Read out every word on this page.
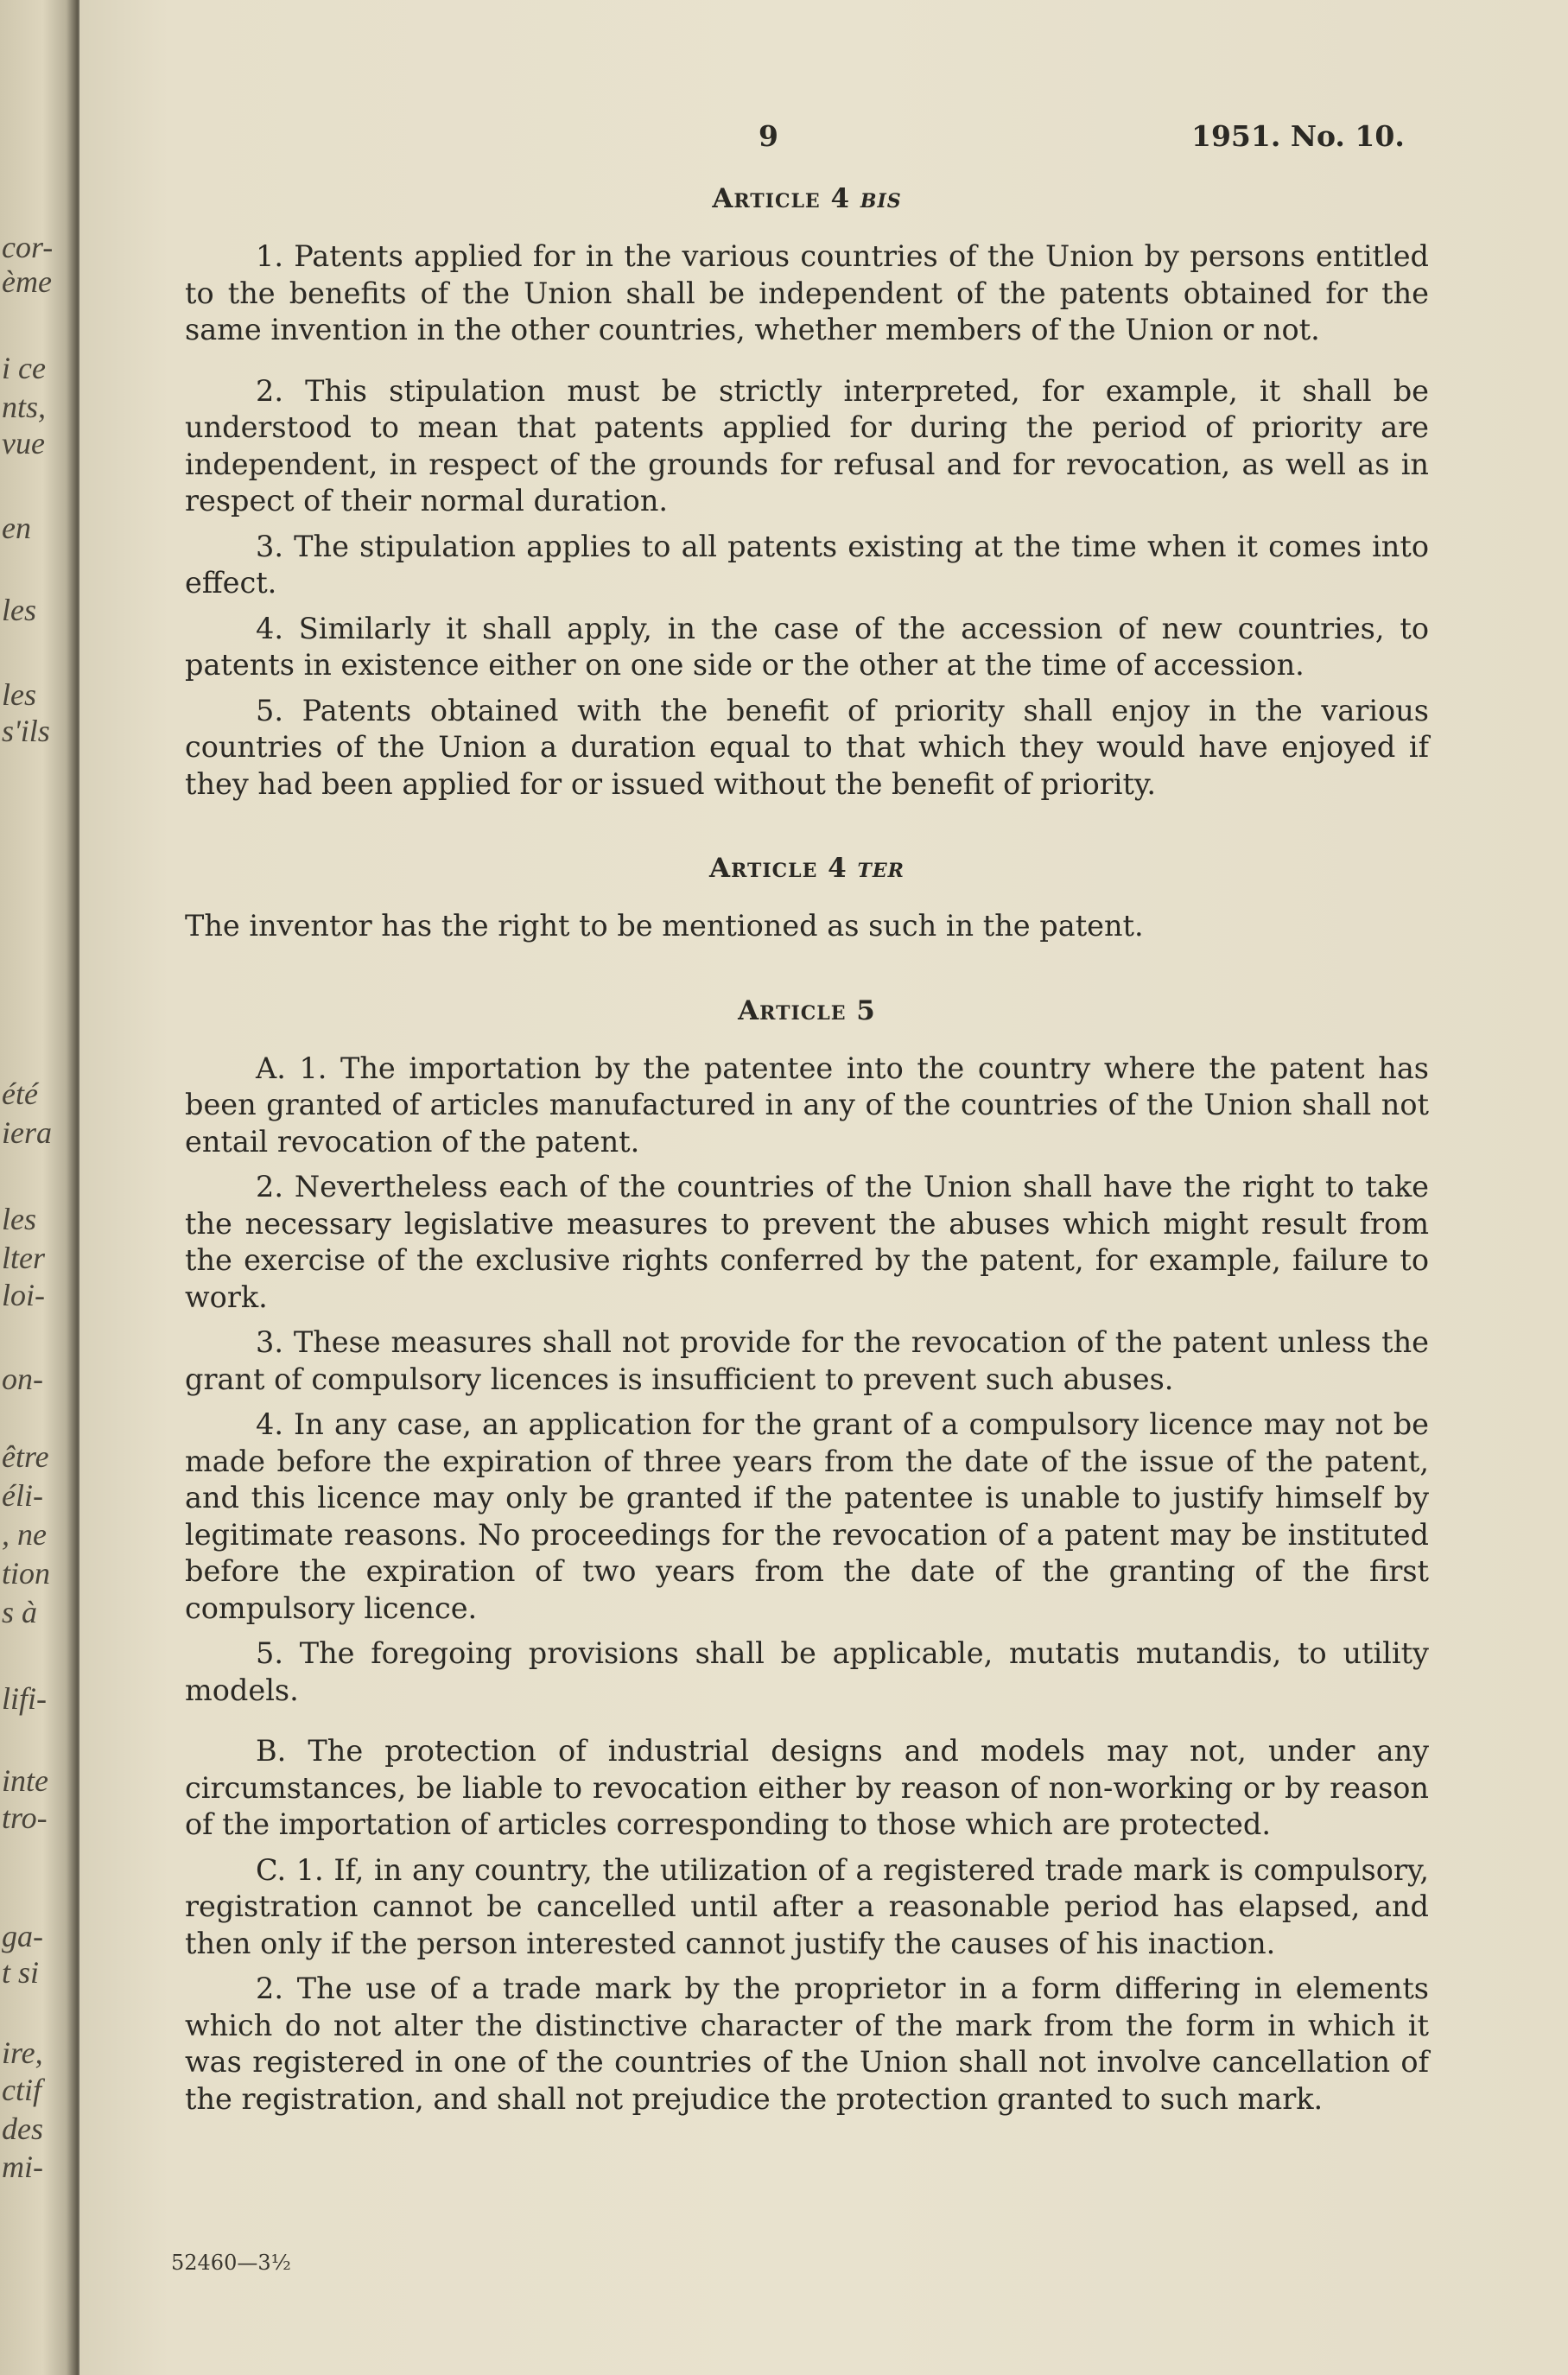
cor-
ème
i ce
nts,
vue
en
les
les
s'ils
été
iera
les
lter
loi-
on-
être
éli-
, ne
tion
s à
lifi-
inte
tro-
ga-
t si
ire,
ctif
des
mi-
9	1951. No. 10.
Article 4 bis

1. Patents applied for in the various countries of the Union by persons entitled to the benefits of the Union shall be independent of the patents obtained for the same invention in the other countries, whether members of the Union or not.

2. This stipulation must be strictly interpreted, for example, it shall be understood to mean that patents applied for during the period of priority are independent, in respect of the grounds for refusal and for revocation, as well as in respect of their normal duration.

3. The stipulation applies to all patents existing at the time when it comes into effect.

4. Similarly it shall apply, in the case of the accession of new countries, to patents in existence either on one side or the other at the time of accession.

5. Patents obtained with the benefit of priority shall enjoy in the various countries of the Union a duration equal to that which they would have enjoyed if they had been applied for or issued without the benefit of priority.

Article 4 ter

The inventor has the right to be mentioned as such in the patent.

Article 5

A. 1. The importation by the patentee into the country where the patent has been granted of articles manufactured in any of the countries of the Union shall not entail revocation of the patent.

2. Nevertheless each of the countries of the Union shall have the right to take the necessary legislative measures to prevent the abuses which might result from the exercise of the exclusive rights conferred by the patent, for example, failure to work.

3. These measures shall not provide for the revocation of the patent unless the grant of compulsory licences is insufficient to prevent such abuses.

4. In any case, an application for the grant of a compulsory licence may not be made before the expiration of three years from the date of the issue of the patent, and this licence may only be granted if the patentee is unable to justify himself by legitimate reasons. No proceedings for the revocation of a patent may be instituted before the expiration of two years from the date of the granting of the first compulsory licence.

5. The foregoing provisions shall be applicable, mutatis mutandis, to utility models.

B. The protection of industrial designs and models may not, under any circumstances, be liable to revocation either by reason of non-working or by reason of the importation of articles corresponding to those which are protected.

C. 1. If, in any country, the utilization of a registered trade mark is compulsory, registration cannot be cancelled until after a reasonable period has elapsed, and then only if the person interested cannot justify the causes of his inaction.

2. The use of a trade mark by the proprietor in a form differing in elements which do not alter the distinctive character of the mark from the form in which it was registered in one of the countries of the Union shall not involve cancellation of the registration, and shall not prejudice the protection granted to such mark.

52460—3½
